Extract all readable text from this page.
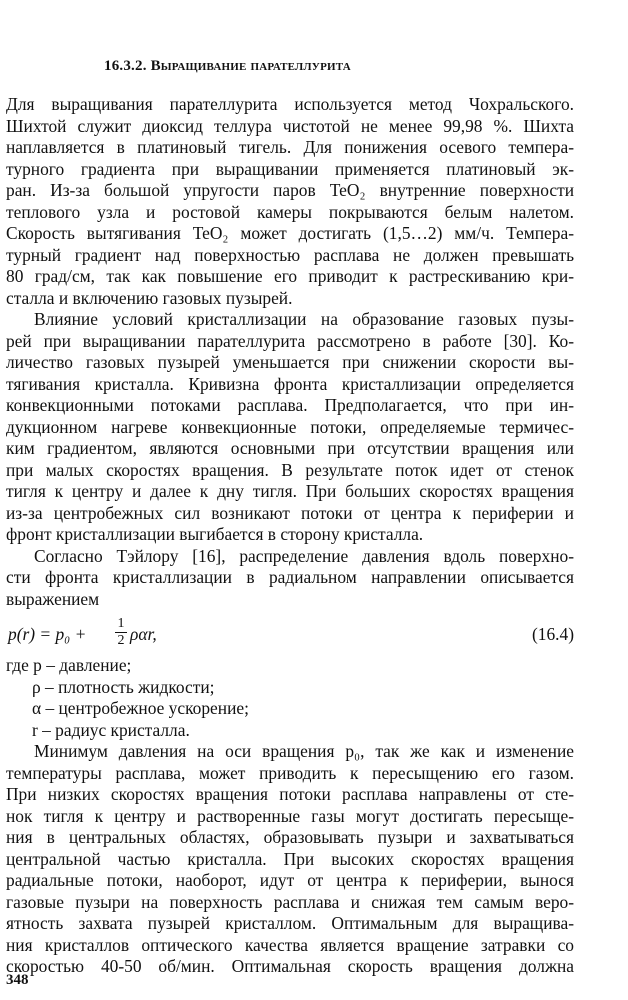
16.3.2. Выращивание парателлурита
Для выращивания парателлурита используется метод Чохральского.
Шихтой служит диоксид теллура чистотой не менее 99,98 %. Шихта
наплавляется в платиновый тигель. Для понижения осевого темпера-
турного градиента при выращивании применяется платиновый эк-
ран. Из-за большой упругости паров TeO₂ внутренние поверхности
теплового узла и ростовой камеры покрываются белым налетом.
Скорость вытягивания TeO₂ может достигать (1,5…2) мм/ч. Темпера-
турный градиент над поверхностью расплава не должен превышать
80 град/см, так как повышение его приводит к растрескиванию кри-
сталла и включению газовых пузырей.
Влияние условий кристаллизации на образование газовых пузы-
рей при выращивании парателлурита рассмотрено в работе [30]. Ко-
личество газовых пузырей уменьшается при снижении скорости вы-
тягивания кристалла. Кривизна фронта кристаллизации определяется
конвекционными потоками расплава. Предполагается, что при ин-
дукционном нагреве конвекционные потоки, определяемые термичес-
ким градиентом, являются основными при отсутствии вращения или
при малых скоростях вращения. В результате поток идет от стенок
тигля к центру и далее к дну тигля. При больших скоростях вращения
из-за центробежных сил возникают потоки от центра к периферии и
фронт кристаллизации выгибается в сторону кристалла.
Согласно Тэйлору [16], распределение давления вдоль поверхно-
сти фронта кристаллизации в радиальном направлении описывается
выражением
$p(r) = p_0 + \frac{1}{2} \rho\alpha r$,	(16.4)
где p – давление;
ρ – плотность жидкости;
α – центробежное ускорение;
r – радиус кристалла.
Минимум давления на оси вращения p₀, так же как и изменение
температуры расплава, может приводить к пересыщению его газом.
При низких скоростях вращения потоки расплава направлены от сте-
нок тигля к центру и растворенные газы могут достигать пересыще-
ния в центральных областях, образовывать пузыри и захватываться
центральной частью кристалла. При высоких скоростях вращения
радиальные потоки, наоборот, идут от центра к периферии, вынося
газовые пузыри на поверхность расплава и снижая тем самым веро-
ятность захвата пузырей кристаллом. Оптимальным для выращива-
ния кристаллов оптического качества является вращение затравки со
скоростью 40-50 об/мин. Оптимальная скорость вращения должна
348
